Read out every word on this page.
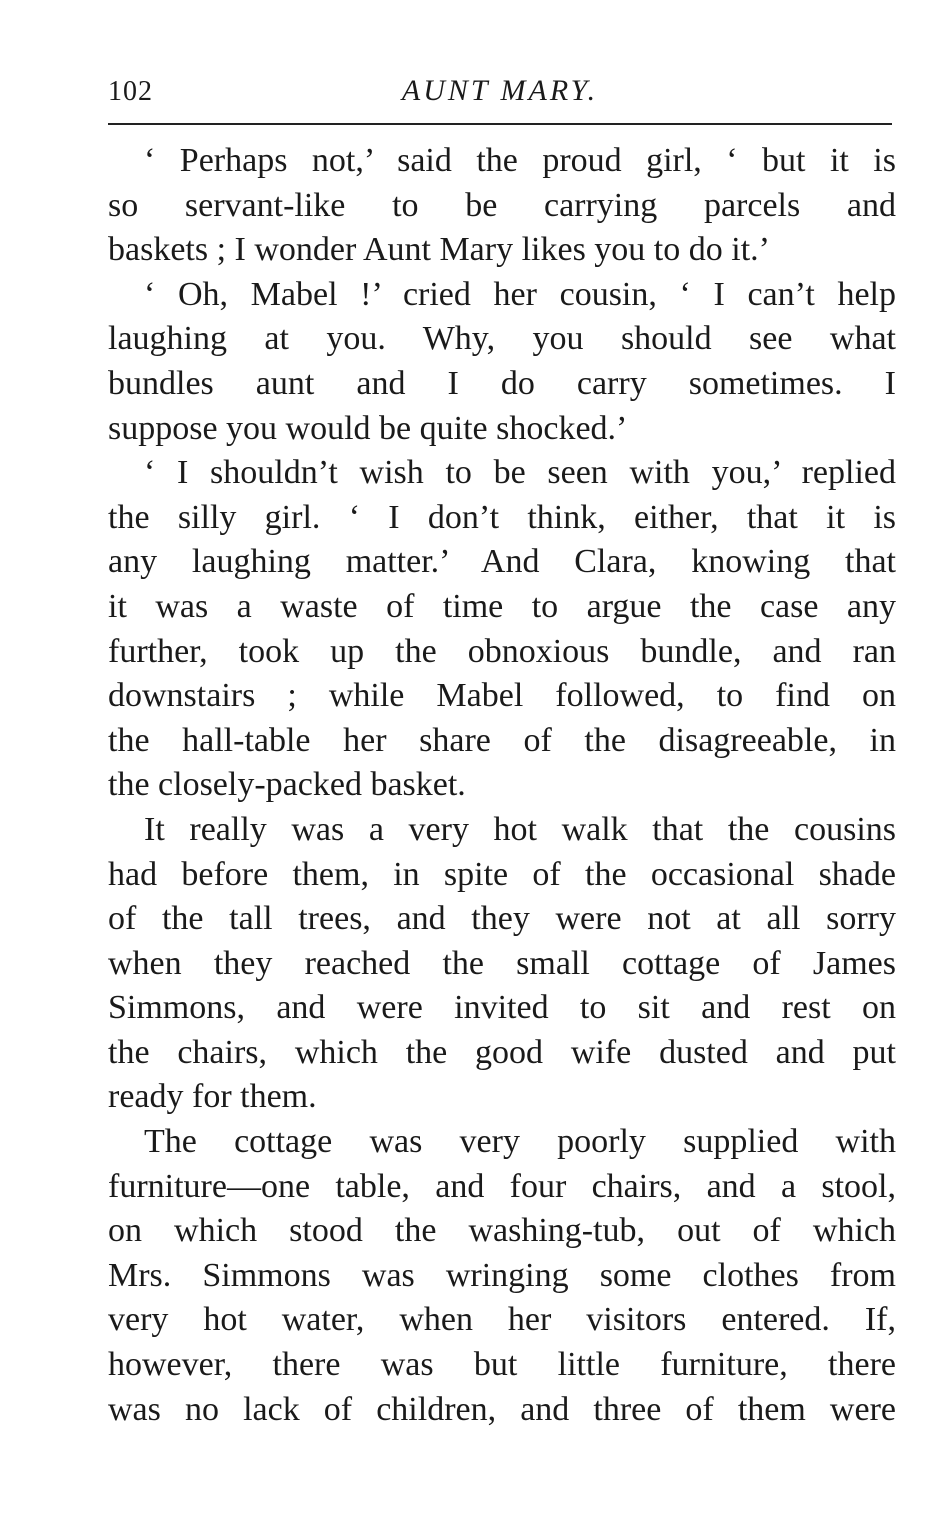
102	AUNT MARY.
‘ Perhaps not,’ said the proud girl, ‘ but it is
so servant-like to be carrying parcels and
baskets ; I wonder Aunt Mary likes you to do it.’
‘ Oh, Mabel !’ cried her cousin, ‘ I can’t help
laughing at you. Why, you should see what
bundles aunt and I do carry sometimes. I
suppose you would be quite shocked.’
‘ I shouldn’t wish to be seen with you,’ replied
the silly girl. ‘ I don’t think, either, that it is
any laughing matter.’ And Clara, knowing that
it was a waste of time to argue the case any
further, took up the obnoxious bundle, and ran
downstairs ; while Mabel followed, to find on
the hall-table her share of the disagreeable, in
the closely-packed basket.
It really was a very hot walk that the cousins
had before them, in spite of the occasional shade
of the tall trees, and they were not at all sorry
when they reached the small cottage of James
Simmons, and were invited to sit and rest on
the chairs, which the good wife dusted and put
ready for them.
The cottage was very poorly supplied with
furniture—one table, and four chairs, and a stool,
on which stood the washing-tub, out of which
Mrs. Simmons was wringing some clothes from
very hot water, when her visitors entered. If,
however, there was but little furniture, there
was no lack of children, and three of them were
